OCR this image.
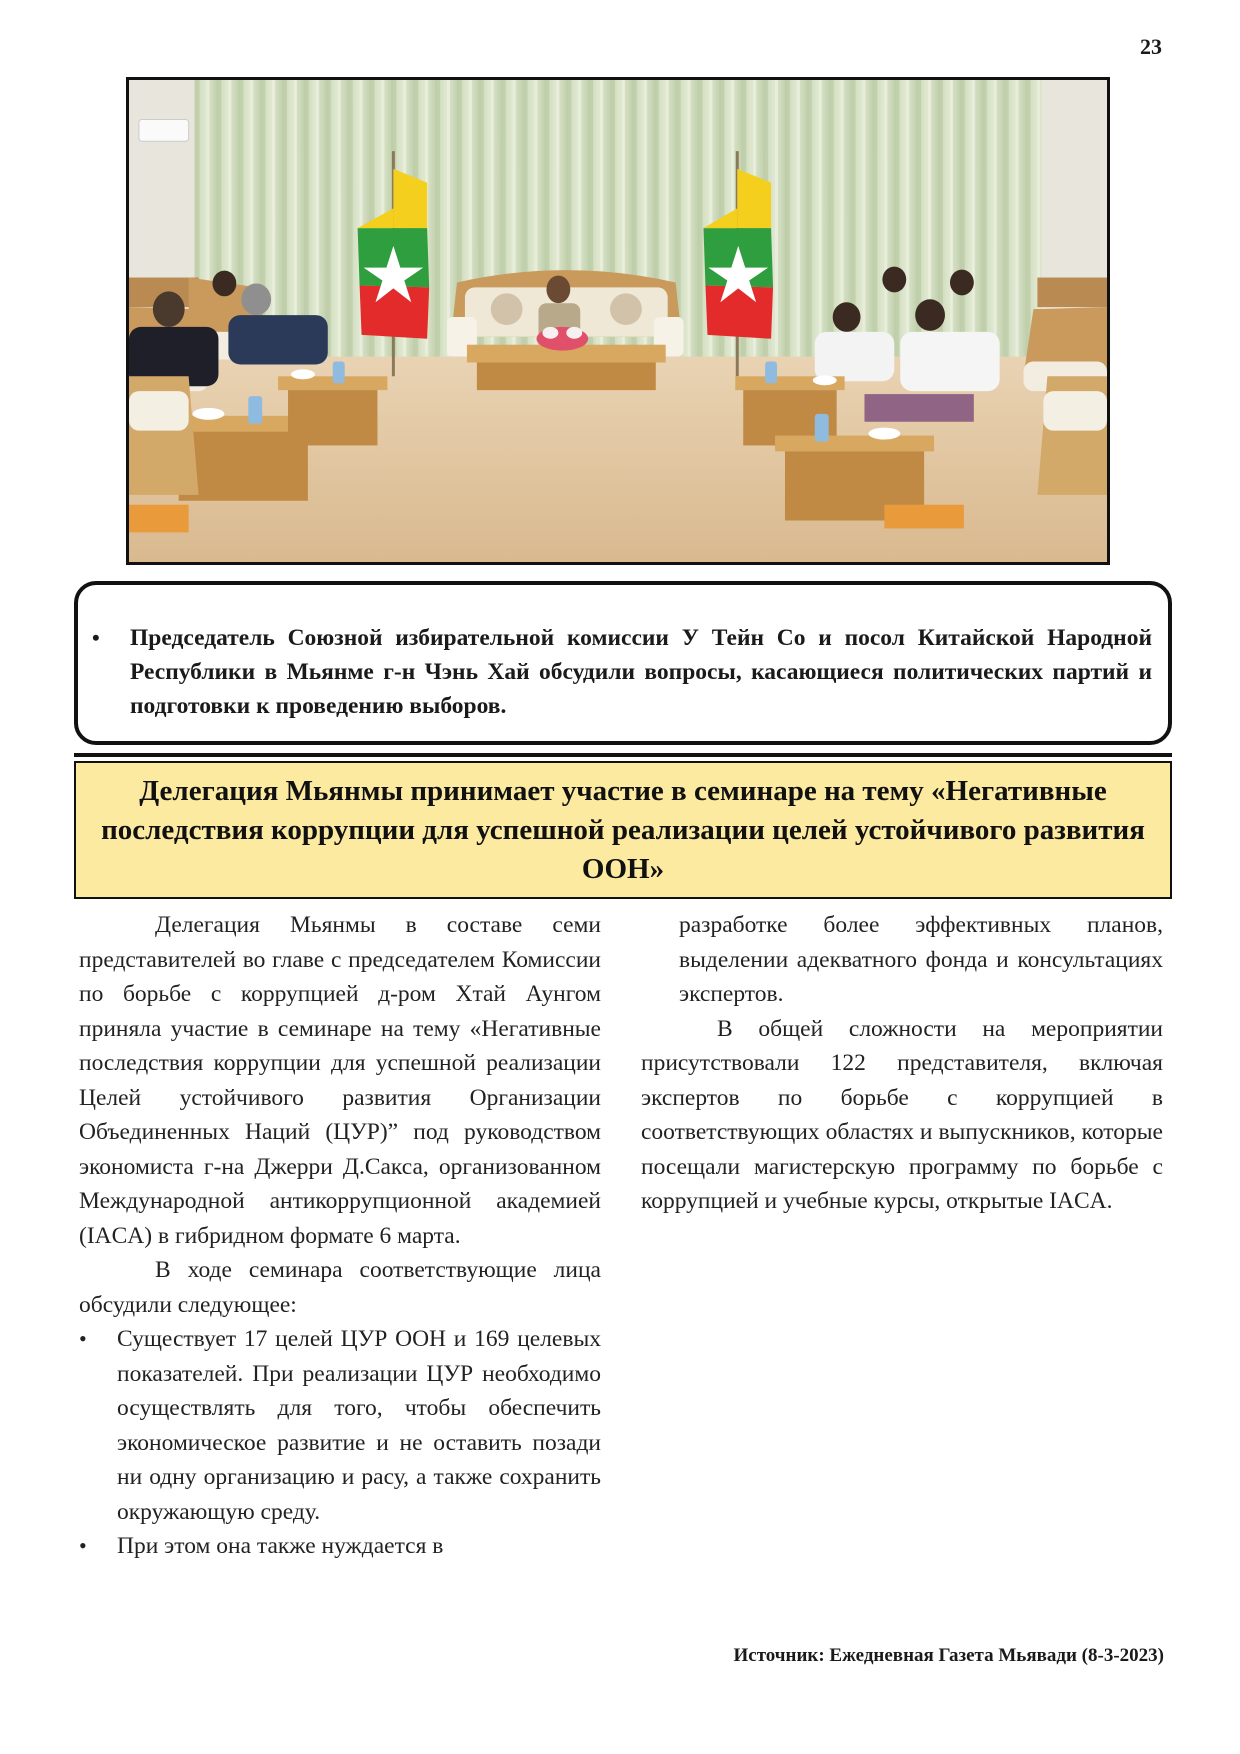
23
•	Председатель Союзной избирательной комиссии У Тейн Со и посол Китайской Народной Республики в Мьянме г-н Чэнь Хай обсудили вопросы, касающиеся политических партий и подготовки к проведению выборов.

Делегация Мьянмы принимает участие в семинаре на тему «Негативные последствия коррупции для успешной реализации целей устойчивого развития ООН»

Делегация Мьянмы в составе семи представителей во главе с председателем Комиссии по борьбе с коррупцией д-ром Хтай Аунгом приняла участие в семинаре на тему «Негативные последствия коррупции для успешной реализации Целей устойчивого развития Организации Объединенных Наций (ЦУР)” под руководством экономиста г-на Джерри Д.Сакса, организованном Международной антикоррупционной академией (IACA) в гибридном формате 6 марта.

В ходе семинара соответствующие лица обсудили следующее:

• Существует 17 целей ЦУР ООН и 169 целевых показателей. При реализации ЦУР необходимо осуществлять для того, чтобы обеспечить экономическое развитие и не оставить позади ни одну организацию и расу, а также сохранить окружающую среду.
• При этом она также нуждается в

разработке более эффективных планов, выделении адекватного фонда и консультациях экспертов.

В общей сложности на мероприятии присутствовали 122 представителя, включая экспертов по борьбе с коррупцией в соответствующих областях и выпускников, которые посещали магистерскую программу по борьбе с коррупцией и учебные курсы, открытые IACA.

Источник: Ежедневная Газета Мьявади (8-3-2023)
